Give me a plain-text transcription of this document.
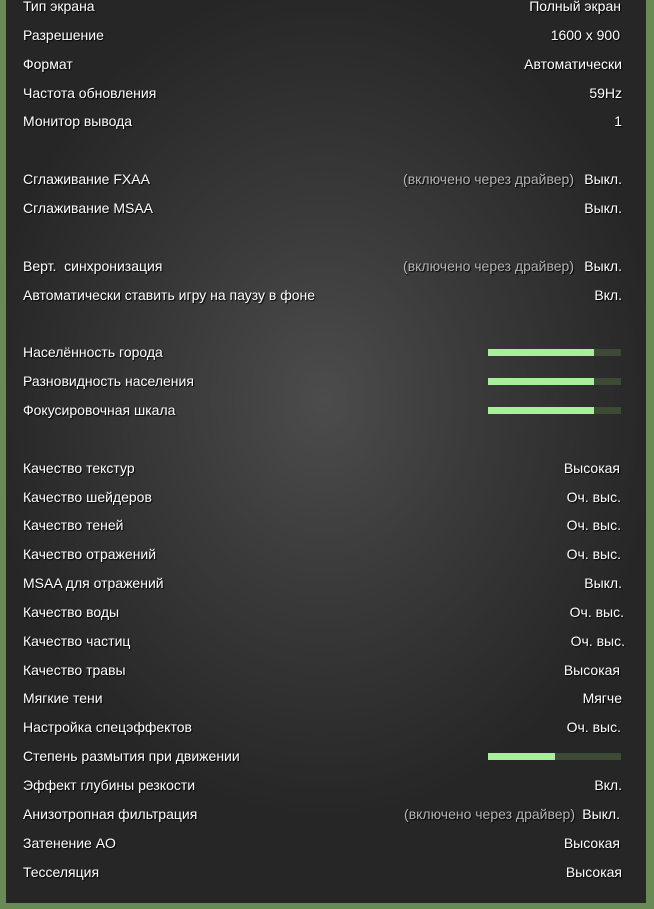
Тип экрана	Полный экран
Разрешение	1600 x 900
Формат	Автоматически
Частота обновления	59Hz
Монитор вывода	1
Сглаживание FXAA	(включено через драйвер) Выкл.
Сглаживание MSAA	Выкл.
Верт.  синхронизация	(включено через драйвер) Выкл.
Автоматически ставить игру на паузу в фоне	Вкл.
Населённость города
Разновидность населения
Фокусировочная шкала
Качество текстур	Высокая
Качество шейдеров	Оч. выс.
Качество теней	Оч. выс.
Качество отражений	Оч. выс.
MSAA для отражений	Выкл.
Качество воды	Оч. выс.
Качество частиц	Оч. выс.
Качество травы	Высокая
Мягкие тени	Мягче
Настройка спецэффектов	Оч. выс.
Степень размытия при движении
Эффект глубины резкости	Вкл.
Анизотропная фильтрация	(включено через драйвер) Выкл.
Затенение AO	Высокая
Тесселяция	Высокая
